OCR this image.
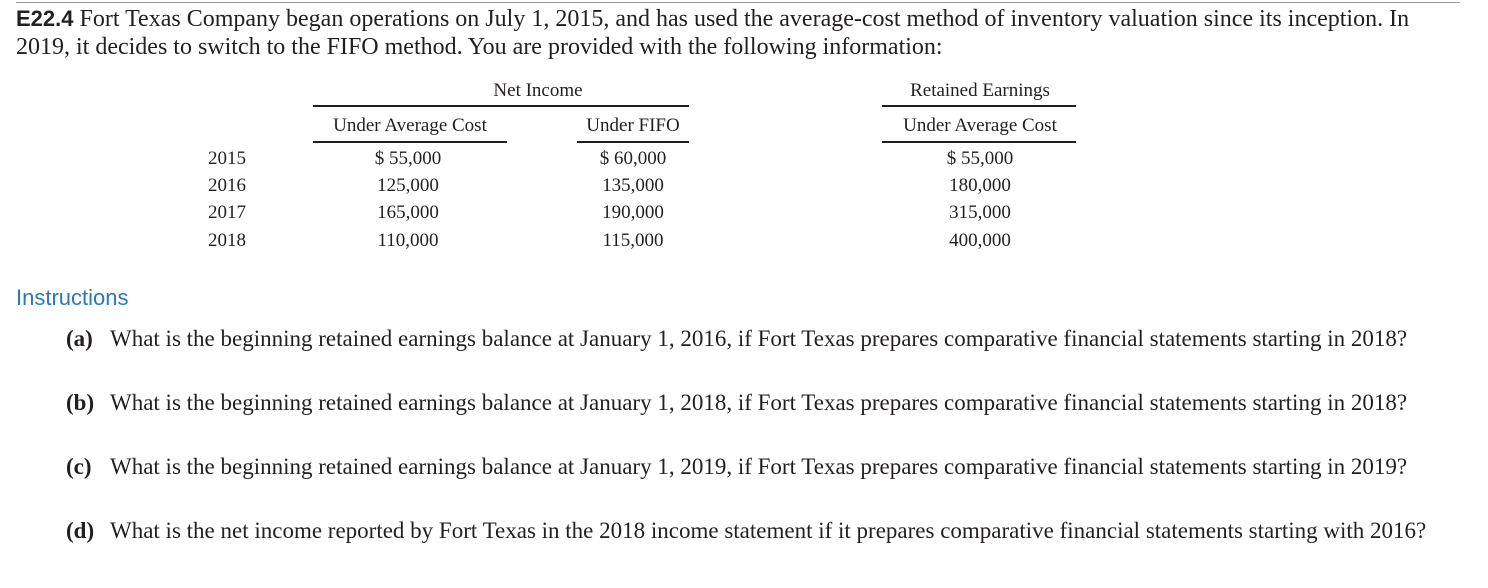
E22.4 Fort Texas Company began operations on July 1, 2015, and has used the average-cost method of inventory valuation since its inception. In 2019, it decides to switch to the FIFO method. You are provided with the following information:
Net Income	Retained Earnings
Under Average Cost	Under FIFO	Under Average Cost
2015	$ 55,000	$ 60,000	$ 55,000
2016	125,000	135,000	180,000
2017	165,000	190,000	315,000
2018	110,000	115,000	400,000
Instructions
(a) What is the beginning retained earnings balance at January 1, 2016, if Fort Texas prepares comparative financial statements starting in 2018?
(b) What is the beginning retained earnings balance at January 1, 2018, if Fort Texas prepares comparative financial statements starting in 2018?
(c) What is the beginning retained earnings balance at January 1, 2019, if Fort Texas prepares comparative financial statements starting in 2019?
(d) What is the net income reported by Fort Texas in the 2018 income statement if it prepares comparative financial statements starting with 2016?
